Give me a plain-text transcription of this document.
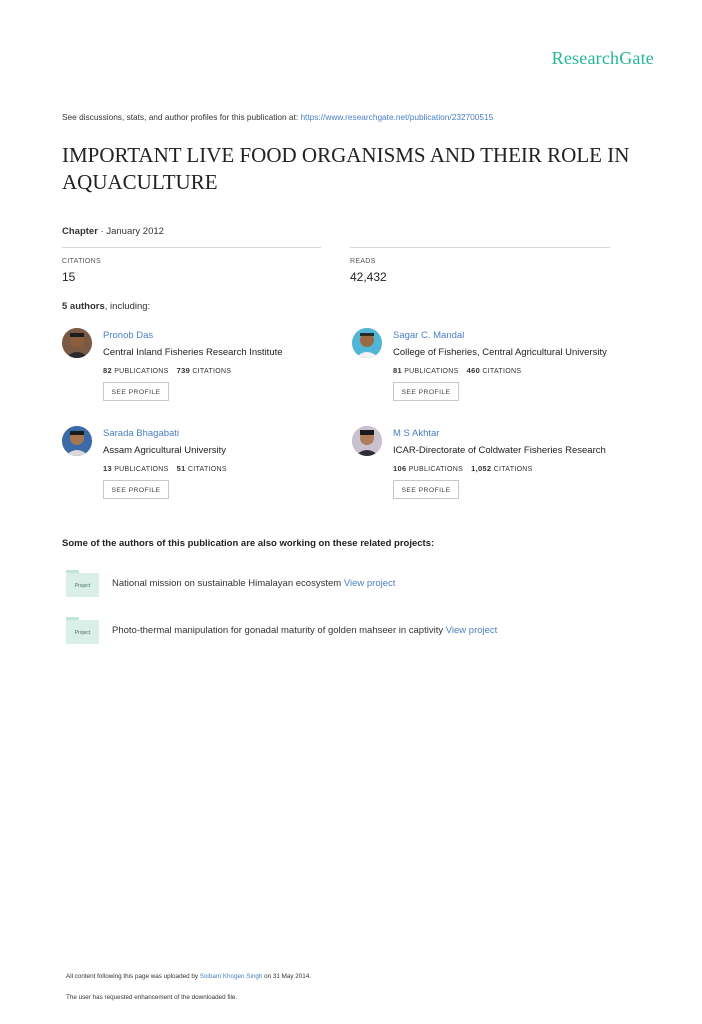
ResearchGate
See discussions, stats, and author profiles for this publication at: https://www.researchgate.net/publication/232700515
IMPORTANT LIVE FOOD ORGANISMS AND THEIR ROLE IN AQUACULTURE
Chapter · January 2012
CITATIONS
15
READS
42,432
5 authors, including:
Pronob Das
Central Inland Fisheries Research Institute
82 PUBLICATIONS 739 CITATIONS
SEE PROFILE
Sagar C. Mandal
College of Fisheries, Central Agricultural University
81 PUBLICATIONS 460 CITATIONS
SEE PROFILE
Sarada Bhagabati
Assam Agricultural University
13 PUBLICATIONS 51 CITATIONS
SEE PROFILE
M S Akhtar
ICAR-Directorate of Coldwater Fisheries Research
106 PUBLICATIONS 1,052 CITATIONS
SEE PROFILE
Some of the authors of this publication are also working on these related projects:
Project	National mission on sustainable Himalayan ecosystem View project
Project	Photo-thermal manipulation for gonadal maturity of golden mahseer in captivity View project
All content following this page was uploaded by Soibam Khogen Singh on 31 May 2014.
The user has requested enhancement of the downloaded file.
